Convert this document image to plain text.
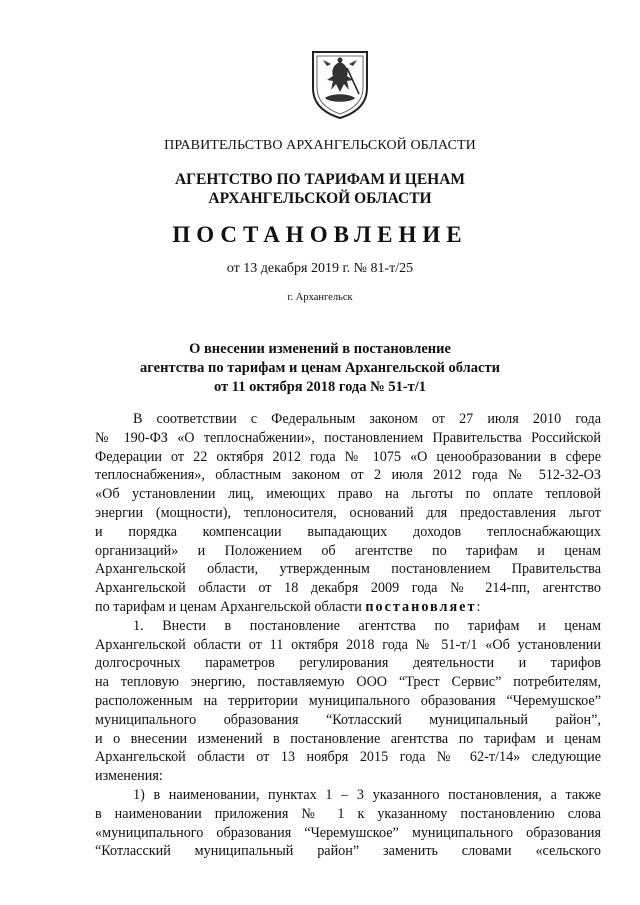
ПРАВИТЕЛЬСТВО АРХАНГЕЛЬСКОЙ ОБЛАСТИ
АГЕНТСТВО ПО ТАРИФАМ И ЦЕНАМ
АРХАНГЕЛЬСКОЙ ОБЛАСТИ
ПОСТАНОВЛЕНИЕ
от 13 декабря 2019 г. № 81-т/25
г. Архангельск
О внесении изменений в постановление
агентства по тарифам и ценам Архангельской области
от 11 октября 2018 года № 51-т/1
В соответствии с Федеральным законом от 27 июля 2010 года
№ 190-ФЗ «О теплоснабжении», постановлением Правительства Российской
Федерации от 22 октября 2012 года № 1075 «О ценообразовании в сфере
теплоснабжения», областным законом от 2 июля 2012 года № 512-32-ОЗ
«Об установлении лиц, имеющих право на льготы по оплате тепловой
энергии (мощности), теплоносителя, оснований для предоставления льгот
и порядка компенсации выпадающих доходов теплоснабжающих
организаций» и Положением об агентстве по тарифам и ценам
Архангельской области, утвержденным постановлением Правительства
Архангельской области от 18 декабря 2009 года № 214-пп, агентство
по тарифам и ценам Архангельской области постановляет:
1. Внести в постановление агентства по тарифам и ценам
Архангельской области от 11 октября 2018 года № 51-т/1 «Об установлении
долгосрочных параметров регулирования деятельности и тарифов
на тепловую энергию, поставляемую ООО “Трест Сервис” потребителям,
расположенным на территории муниципального образования “Черемушское”
муниципального образования “Котласский муниципальный район”,
и о внесении изменений в постановление агентства по тарифам и ценам
Архангельской области от 13 ноября 2015 года № 62-т/14» следующие
изменения:
1) в наименовании, пунктах 1 – 3 указанного постановления, а также
в наименовании приложения № 1 к указанному постановлению слова
«муниципального образования “Черемушское” муниципального образования
“Котласский муниципальный район” заменить словами «сельского
